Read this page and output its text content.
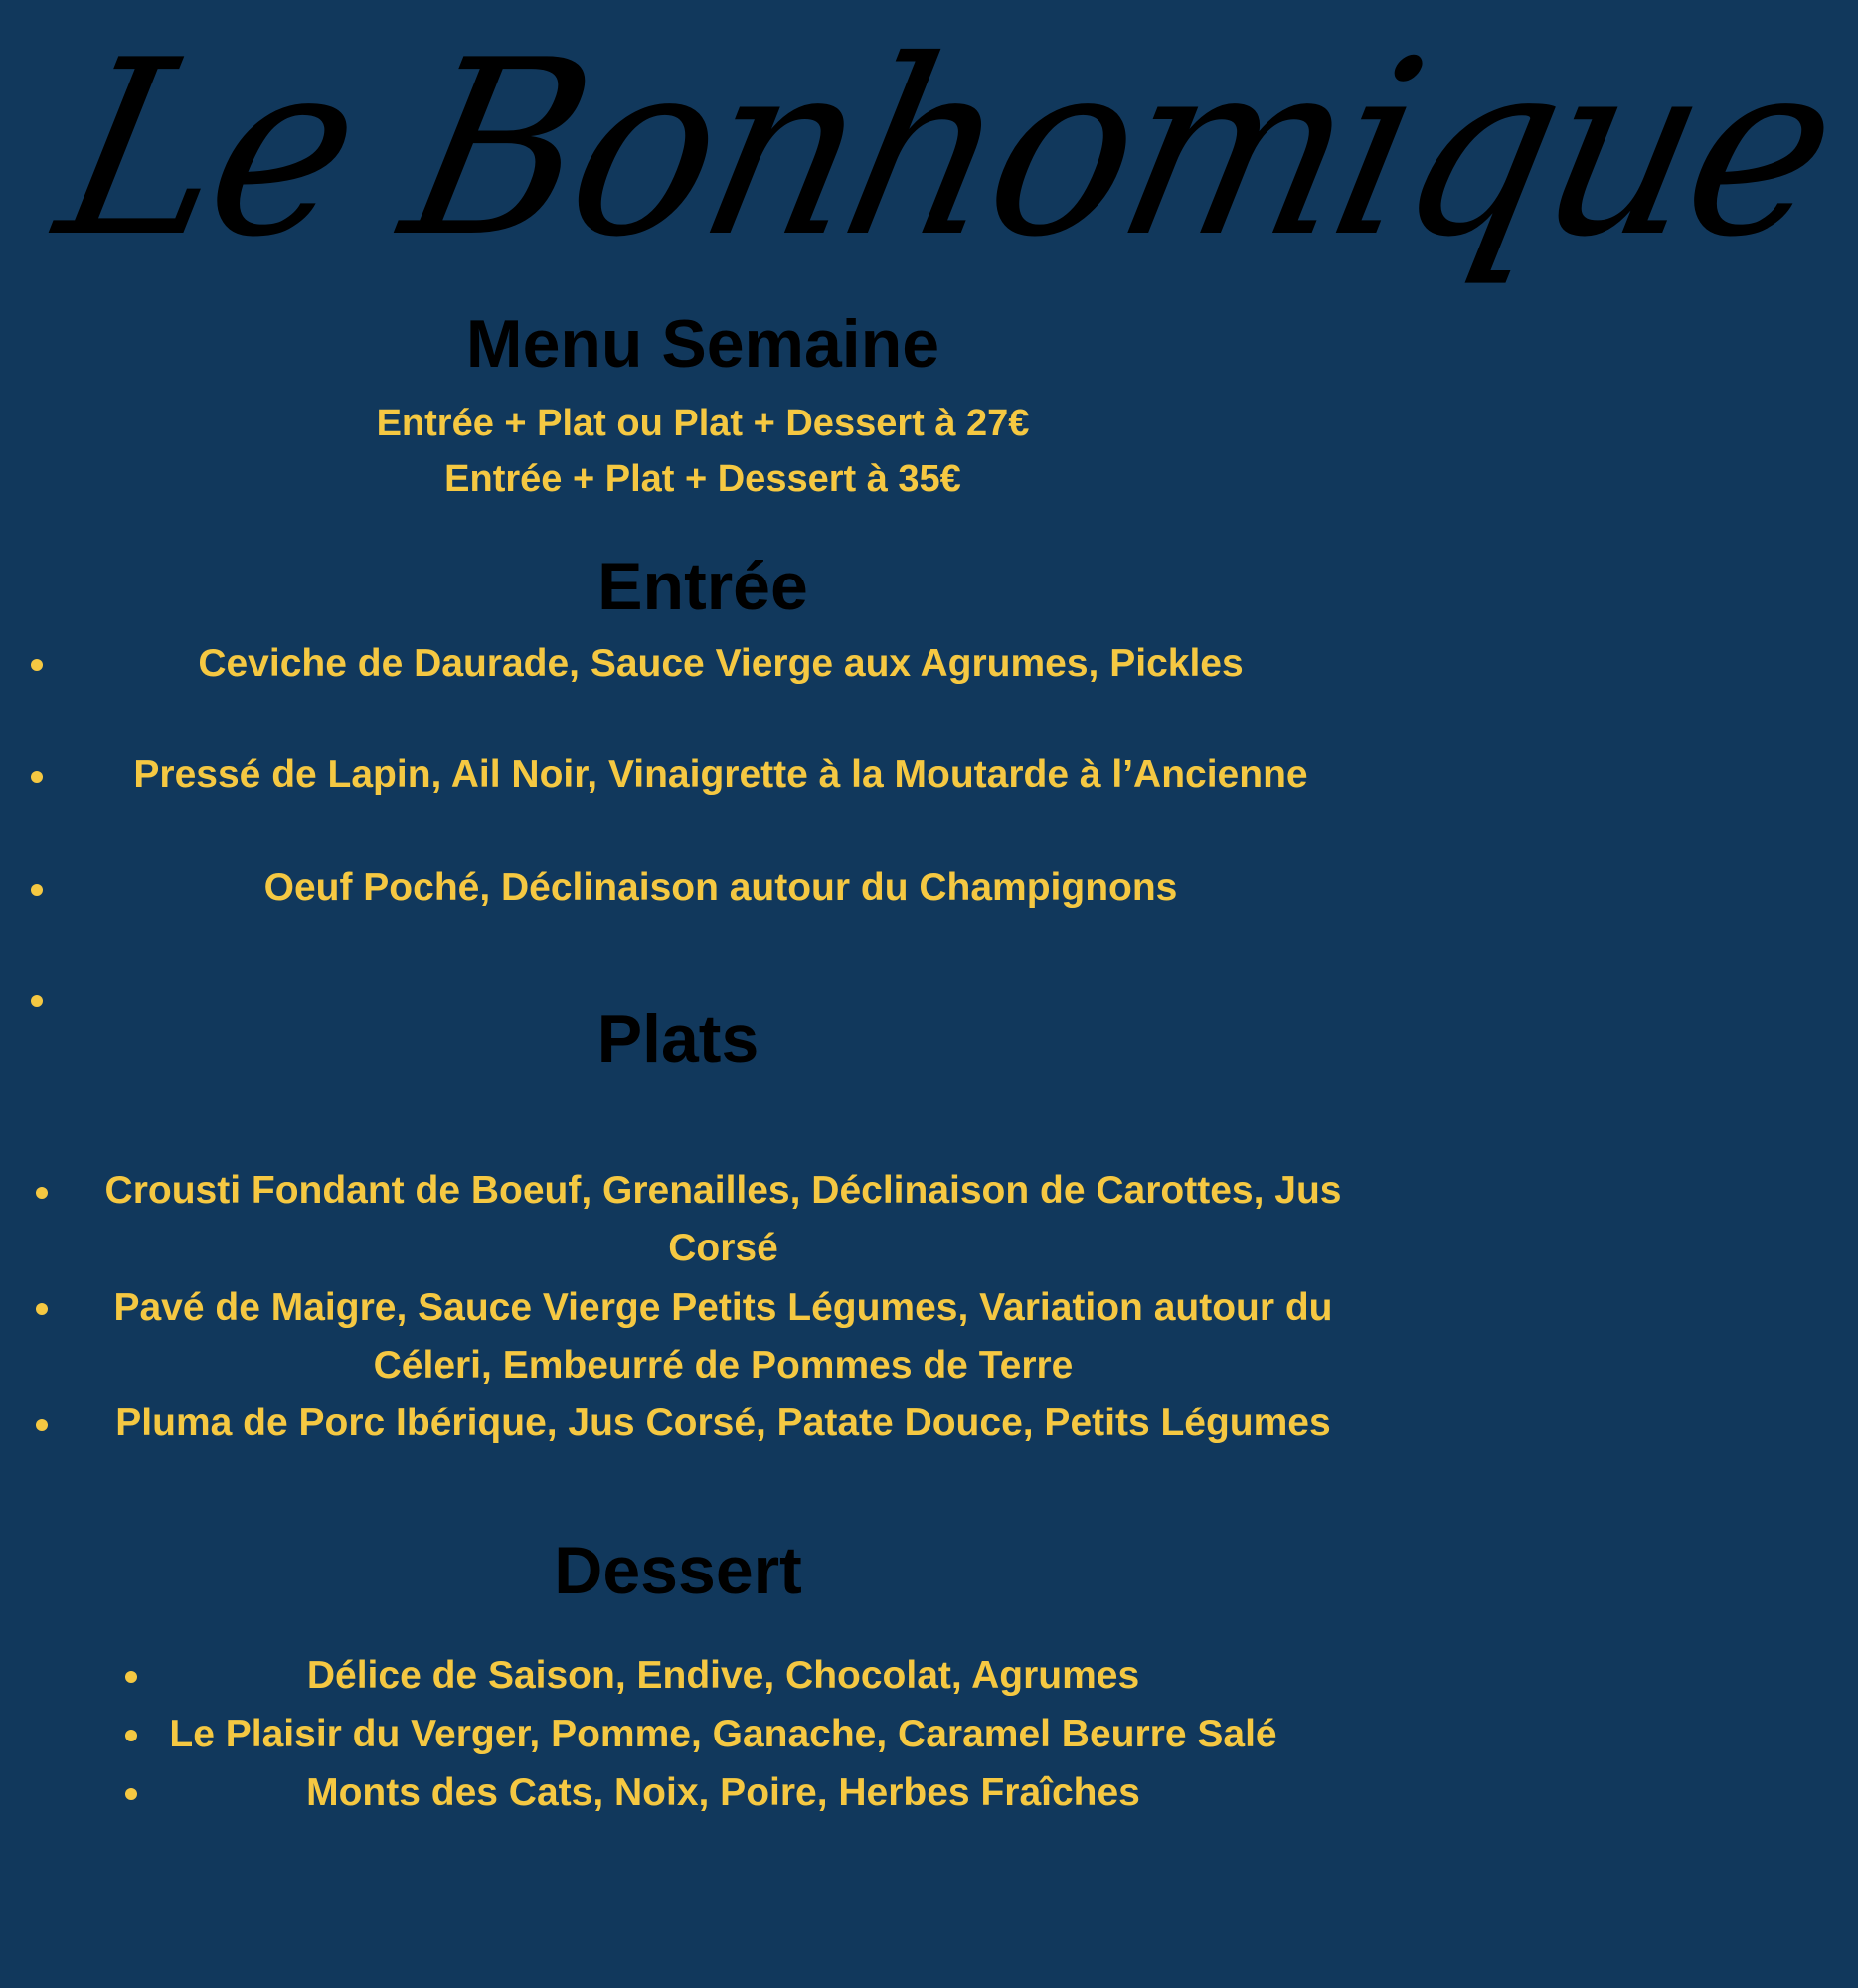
Le Bonhomique
Menu Semaine

Entrée + Plat ou Plat + Dessert à 27€

Entrée + Plat + Dessert à 35€

Entrée

Ceviche de Daurade, Sauce Vierge aux Agrumes, Pickles

Pressé de Lapin, Ail Noir, Vinaigrette à la Moutarde à l’Ancienne

Oeuf Poché, Déclinaison autour du Champignons

Plats

Crousti Fondant de Boeuf, Grenailles, Déclinaison de Carottes, Jus Corsé

Pavé de Maigre, Sauce Vierge Petits Légumes, Variation autour du Céleri, Embeurré de Pommes de Terre

Pluma de Porc Ibérique, Jus Corsé, Patate Douce, Petits Légumes

Dessert

Délice de Saison, Endive, Chocolat, Agrumes

Le Plaisir du Verger, Pomme, Ganache, Caramel Beurre Salé

Monts des Cats, Noix, Poire, Herbes Fraîches
